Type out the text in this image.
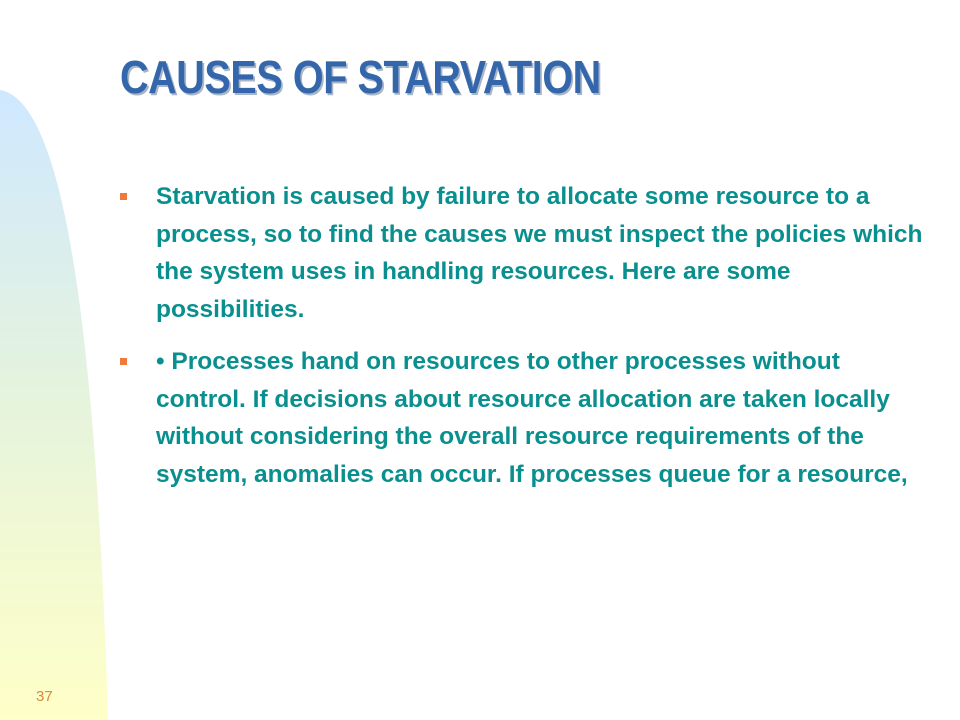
CAUSES OF STARVATION
Starvation is caused by failure to allocate some resource to a process, so to find the causes we must inspect the policies which the system uses in handling resources. Here are some possibilities.
• Processes hand on resources to other processes without control. If decisions about resource allocation are taken locally without considering the overall resource requirements of the system, anomalies can occur. If processes queue for a resource,
37
